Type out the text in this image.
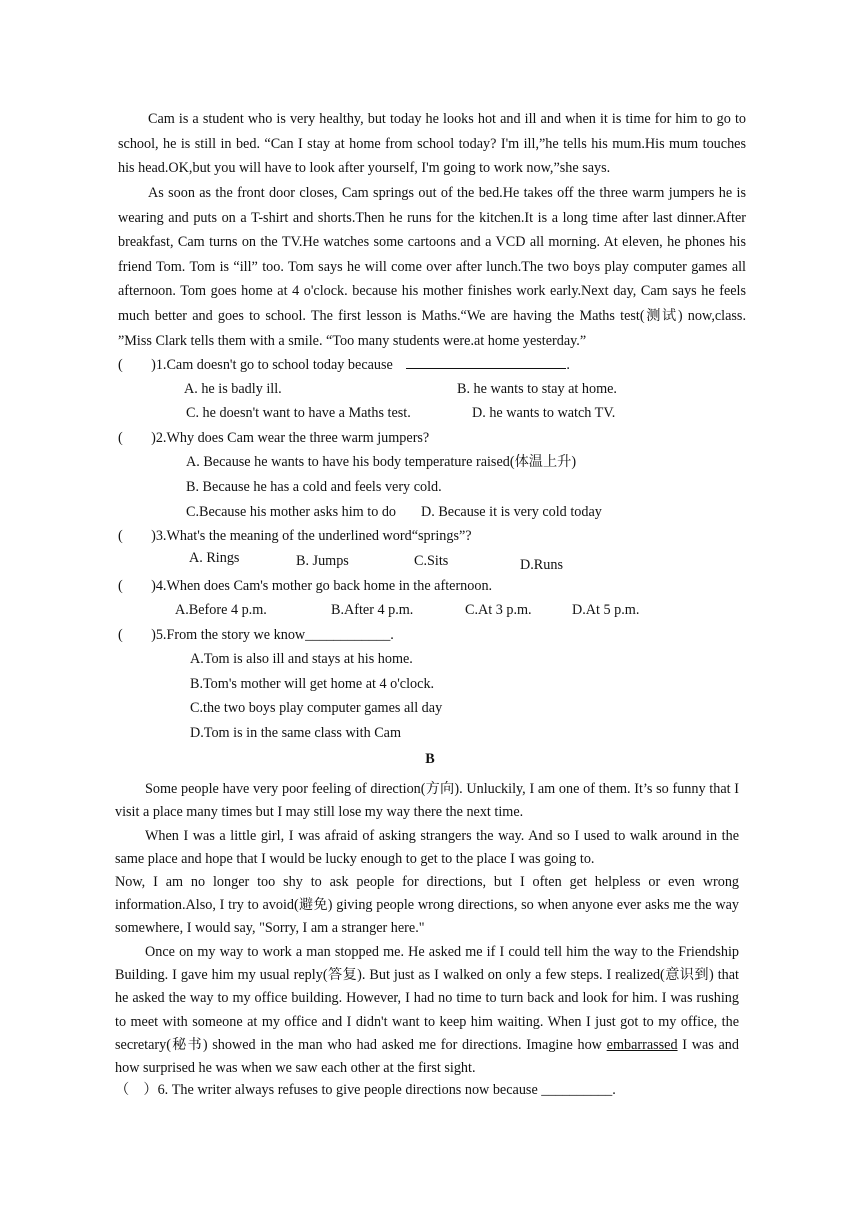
Cam is a student who is very healthy, but today he looks hot and ill and when it is time for him to go to school, he is still in bed. “Can I stay at home from school today? I'm ill,”he tells his mum.His mum touches his head.OK,but you will have to look after yourself, I'm going to work now,”she says.

As soon as the front door closes, Cam springs out of the bed.He takes off the three warm jumpers he is wearing and puts on a T-shirt and shorts.Then he runs for the kitchen.It is a long time after last dinner.After breakfast, Cam turns on the TV.He watches some cartoons and a VCD all morning. At eleven, he phones his friend Tom. Tom is “ill” too. Tom says he will come over after lunch.The two boys play computer games all afternoon. Tom goes home at 4 o'clock. because his mother finishes work early.Next day, Cam says he feels much better and goes to school. The first lesson is Maths.“We are having the Maths test(测试) now,class. ”Miss Clark tells them with a smile. “Too many students were.at home yesterday.”

(　　)1.Cam doesn't go to school today because	.
A. he is badly ill.	B. he wants to stay at home.
C. he doesn't want to have a Maths test.	D. he wants to watch TV.
(　　)2.Why does Cam wear the three warm jumpers?
A. Because he wants to have his body temperature raised(体温上升)
B. Because he has a cold and feels very cold.
C.Because his mother asks him to do D. Because it is very cold today
(　　)3.What's the meaning of the underlined word“springs”?
A. Rings	B. Jumps	C.Sits	D.Runs
(　　)4.When does Cam's mother go back home in the afternoon.
A.Before 4 p.m.	B.After 4 p.m.	C.At 3 p.m.	D.At 5 p.m.
(　　)5.From the story we know____________.
A.Tom is also ill and stays at his home.
B.Tom's mother will get home at 4 o'clock.
C.the two boys play computer games all day
D.Tom is in the same class with Cam
B

Some people have very poor feeling of direction(方向). Unluckily, I am one of them. It’s so funny that I visit a place many times but I may still lose my way there the next time.

When I was a little girl, I was afraid of asking strangers the way. And so I used to walk around in the same place and hope that I would be lucky enough to get to the place I was going to.

Now, I am no longer too shy to ask people for directions, but I often get helpless or even wrong information.Also, I try to avoid(避免) giving people wrong directions, so when anyone ever asks me the way somewhere, I would say, "Sorry, I am a stranger here."

Once on my way to work a man stopped me. He asked me if I could tell him the way to the Friendship Building. I gave him my usual reply(答复). But just as I walked on only a few steps. I realized(意识到) that he asked the way to my office building. However, I had no time to turn back and look for him. I was rushing to meet with someone at my office and I didn't want to keep him waiting. When I just got to my office, the secretary(秘书) showed in the man who had asked me for directions. Imagine how embarrassed I was and how surprised he was when we saw each other at the first sight.

（　）6. The writer always refuses to give people directions now because __________.
